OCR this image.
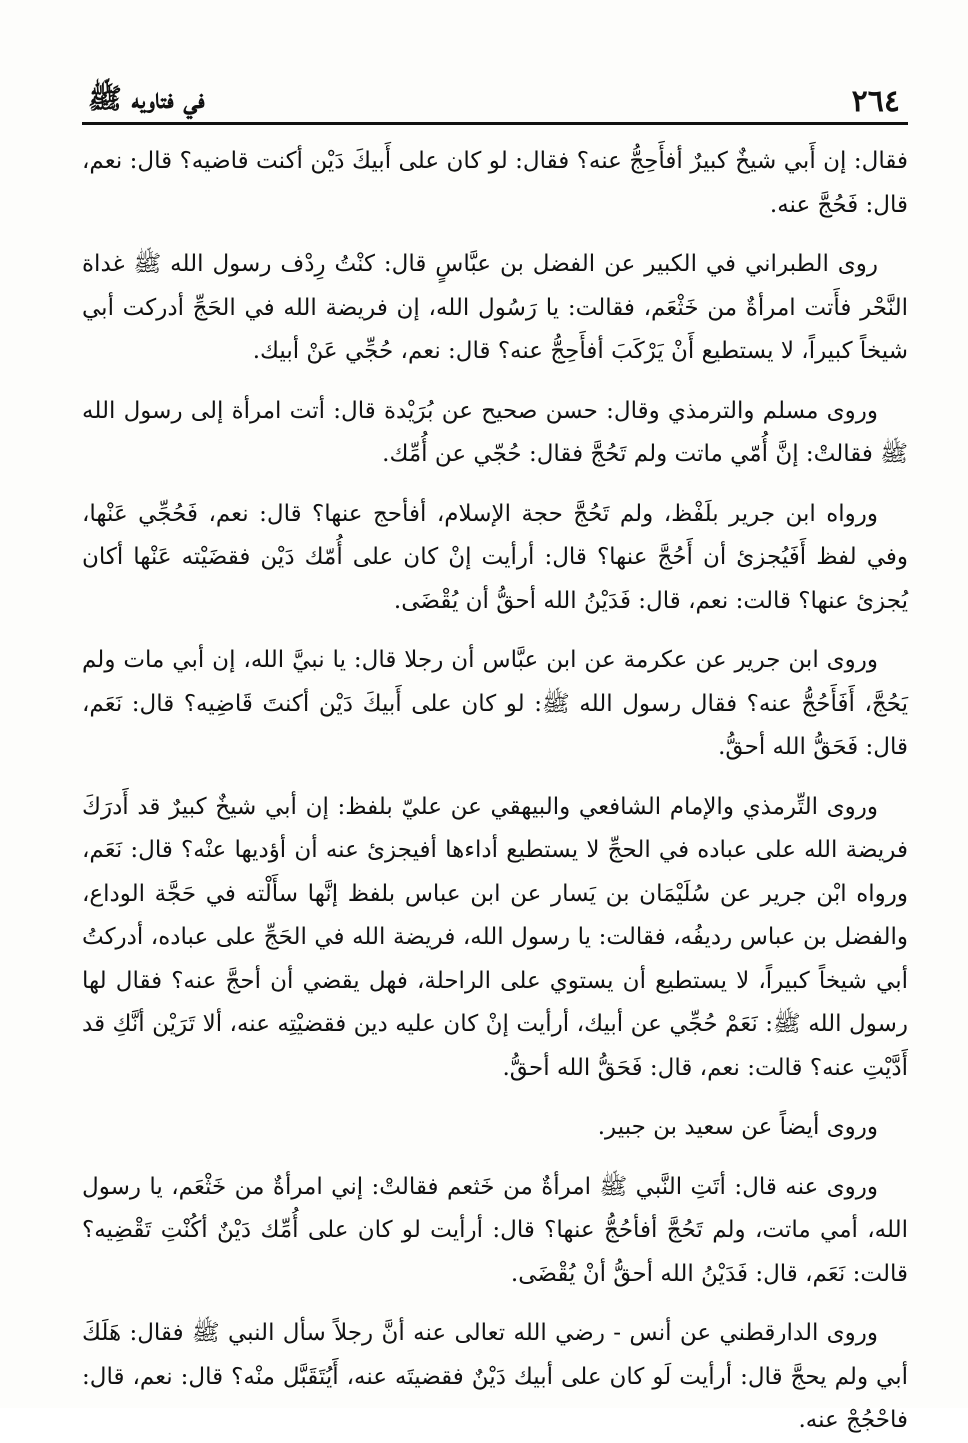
٢٦٤
في فتاويه ﷺ

فقال: إن أَبي شيخٌ كبيرٌ أفأَحِجُّ عنه؟ فقال: لو كان على أَبيكَ دَيْن أكنت قاضيه؟ قال: نعم، قال: فَحُجَّ عنه.

روى الطبراني في الكبير عن الفضل بن عبَّاسٍ قال: كنْتُ رِدْف رسول الله ﷺ غداة النَّحْر فأَتت امرأةٌ من خَثْعَم، فقالت: يا رَسُول الله، إن فريضة الله في الحَجِّ أدركت أبي شيخاً كبيراً، لا يستطيع أَنْ يَرْكَبَ أفأَحِجُّ عنه؟ قال: نعم، حُجِّي عَنْ أبيك.

وروى مسلم والترمذي وقال: حسن صحيح عن بُرَيْدة قال: أتت امرأة إلى رسول الله ﷺ فقالتْ: إنَّ أُمّي ماتت ولم تَحُجَّ فقال: حُجّي عن أُمِّك.

ورواه ابن جرير بلَفْظ، ولم تَحُجَّ حجة الإسلام، أفأحج عنها؟ قال: نعم، فَحُجِّي عَنْها، وفي لفظ أَفَيُجزئ أن أَحُجَّ عنها؟ قال: أرأيت إنْ كان على أُمّك دَيْن فقضَيْته عَنْها أكان يُجزئ عنها؟ قالت: نعم، قال: فَدَيْنُ الله أحقُّ أن يُقْضَى.

وروى ابن جرير عن عكرمة عن ابن عبَّاس أن رجلا قال: يا نبيَّ الله، إن أبي مات ولم يَحُجَّ، أَفَأَحُجُّ عنه؟ فقال رسول الله ﷺ: لو كان على أَبيكَ دَيْن أكنتَ قَاضِيه؟ قال: نَعَم، قال: فَحَقُّ الله أحقُّ.

وروى التِّرمذي والإمام الشافعي والبيهقي عن عليّ بلفظ: إن أبي شيخٌ كبيرٌ قد أَدرَكَ فريضة الله على عباده في الحجِّ لا يستطيع أداءها أفيجزئ عنه أن أؤديها عنْه؟ قال: نَعَم، ورواه ابْن جرير عن سُلَيْمَان بن يَسار عن ابن عباس بلفظ إنَّها سأَلْته في حَجَّة الوداع، والفضل بن عباس رديفُه، فقالت: يا رسول الله، فريضة الله في الحَجِّ على عباده، أدركتُ أبي شيخاً كبيراً، لا يستطيع أن يستوي على الراحلة، فهل يقضي أن أحجَّ عنه؟ فقال لها رسول الله ﷺ: نَعَمْ حُجِّي عن أبيك، أرأيت إنْ كان عليه دين فقضيْتِه عنه، ألا تَرَيْن أنَّكِ قد أَدَّيْتِ عنه؟ قالت: نعم، قال: فَحَقُّ الله أحقُّ.

وروى أيضاً عن سعيد بن جبير.

وروى عنه قال: أتَتِ النَّبي ﷺ امرأةٌ من خَثعم فقالتْ: إني امرأةٌ من خَثْعَم، يا رسول الله، أمي ماتت، ولم تَحُجَّ أفأحُجُّ عنها؟ قال: أرأيت لو كان على أُمِّك دَيْنٌ أكُنْتِ تَقْضِيه؟ قالت: نَعَم، قال: فَدَيْنُ الله أحقُّ أنْ يُقْضَى.

وروى الدارقطني عن أنس - رضي الله تعالى عنه أنَّ رجلاً سأل النبي ﷺ فقال: هَلَكَ أبي ولم يحجَّ قال: أرأيت لَو كان على أبيك دَيْنٌ فقضيتَه عنه، أَيُتَقَبَّل منْه؟ قال: نعم، قال: فاحْجُجْ عنه.
